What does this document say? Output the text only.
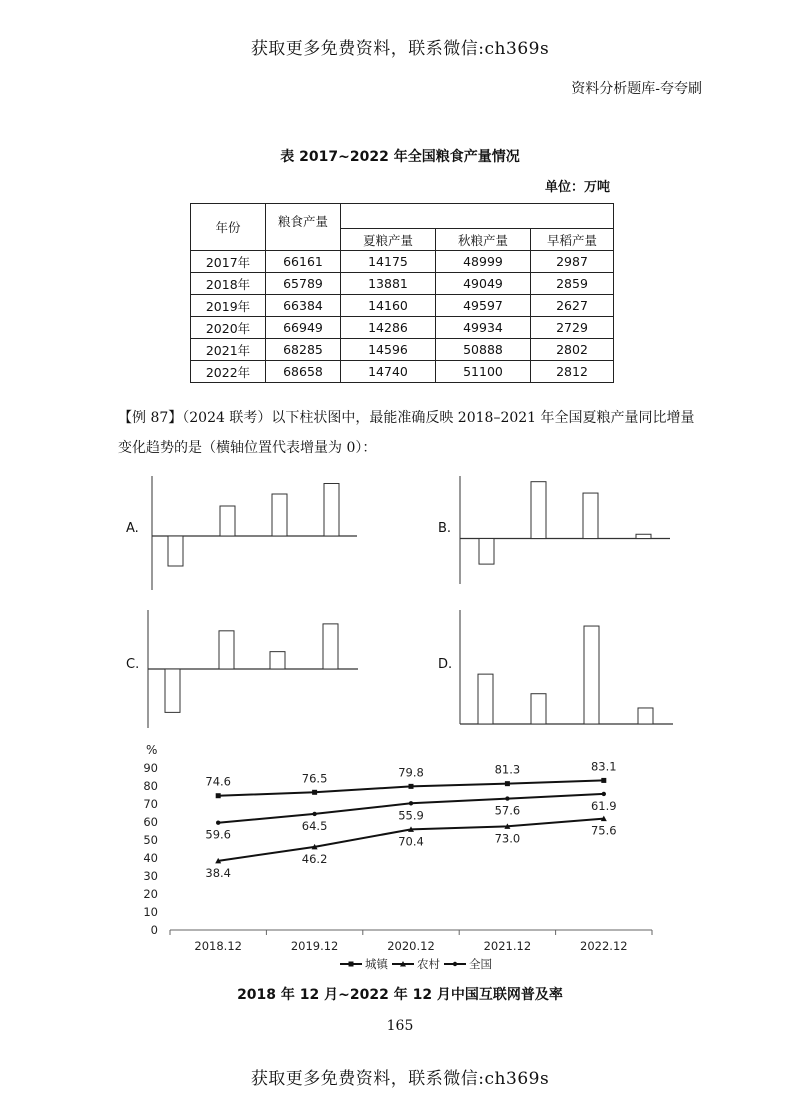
获取更多免费资料，联系微信:ch369s
资料分析题库-夸夸刷
表 2017~2022 年全国粮食产量情况
单位：万吨
年份	粮食产量			
		夏粮产量	秋粮产量	早稻产量
2017年	66161	14175	48999	2987
2018年	65789	13881	49049	2859
2019年	66384	14160	49597	2627
2020年	66949	14286	49934	2729
2021年	68285	14596	50888	2802
2022年	68658	14740	51100	2812
【例 87】（2024 联考）以下柱状图中，最能准确反映 2018–2021 年全国夏粮产量同比增量变化趋势的是（横轴位置代表增量为 0）：
A.	B.
C.	D.
%
0
10
20
30
40
50
60
70
80
90
2018.12	2019.12	2020.12	2021.12	2022.12
74.6	76.5	79.8	81.3	83.1
38.4
46.2
55.9	57.6	61.9
59.6
64.5
70.4	73.0
75.6
城镇	农村	全国
2018 年 12 月~2022 年 12 月中国互联网普及率
165
获取更多免费资料，联系微信:ch369s
